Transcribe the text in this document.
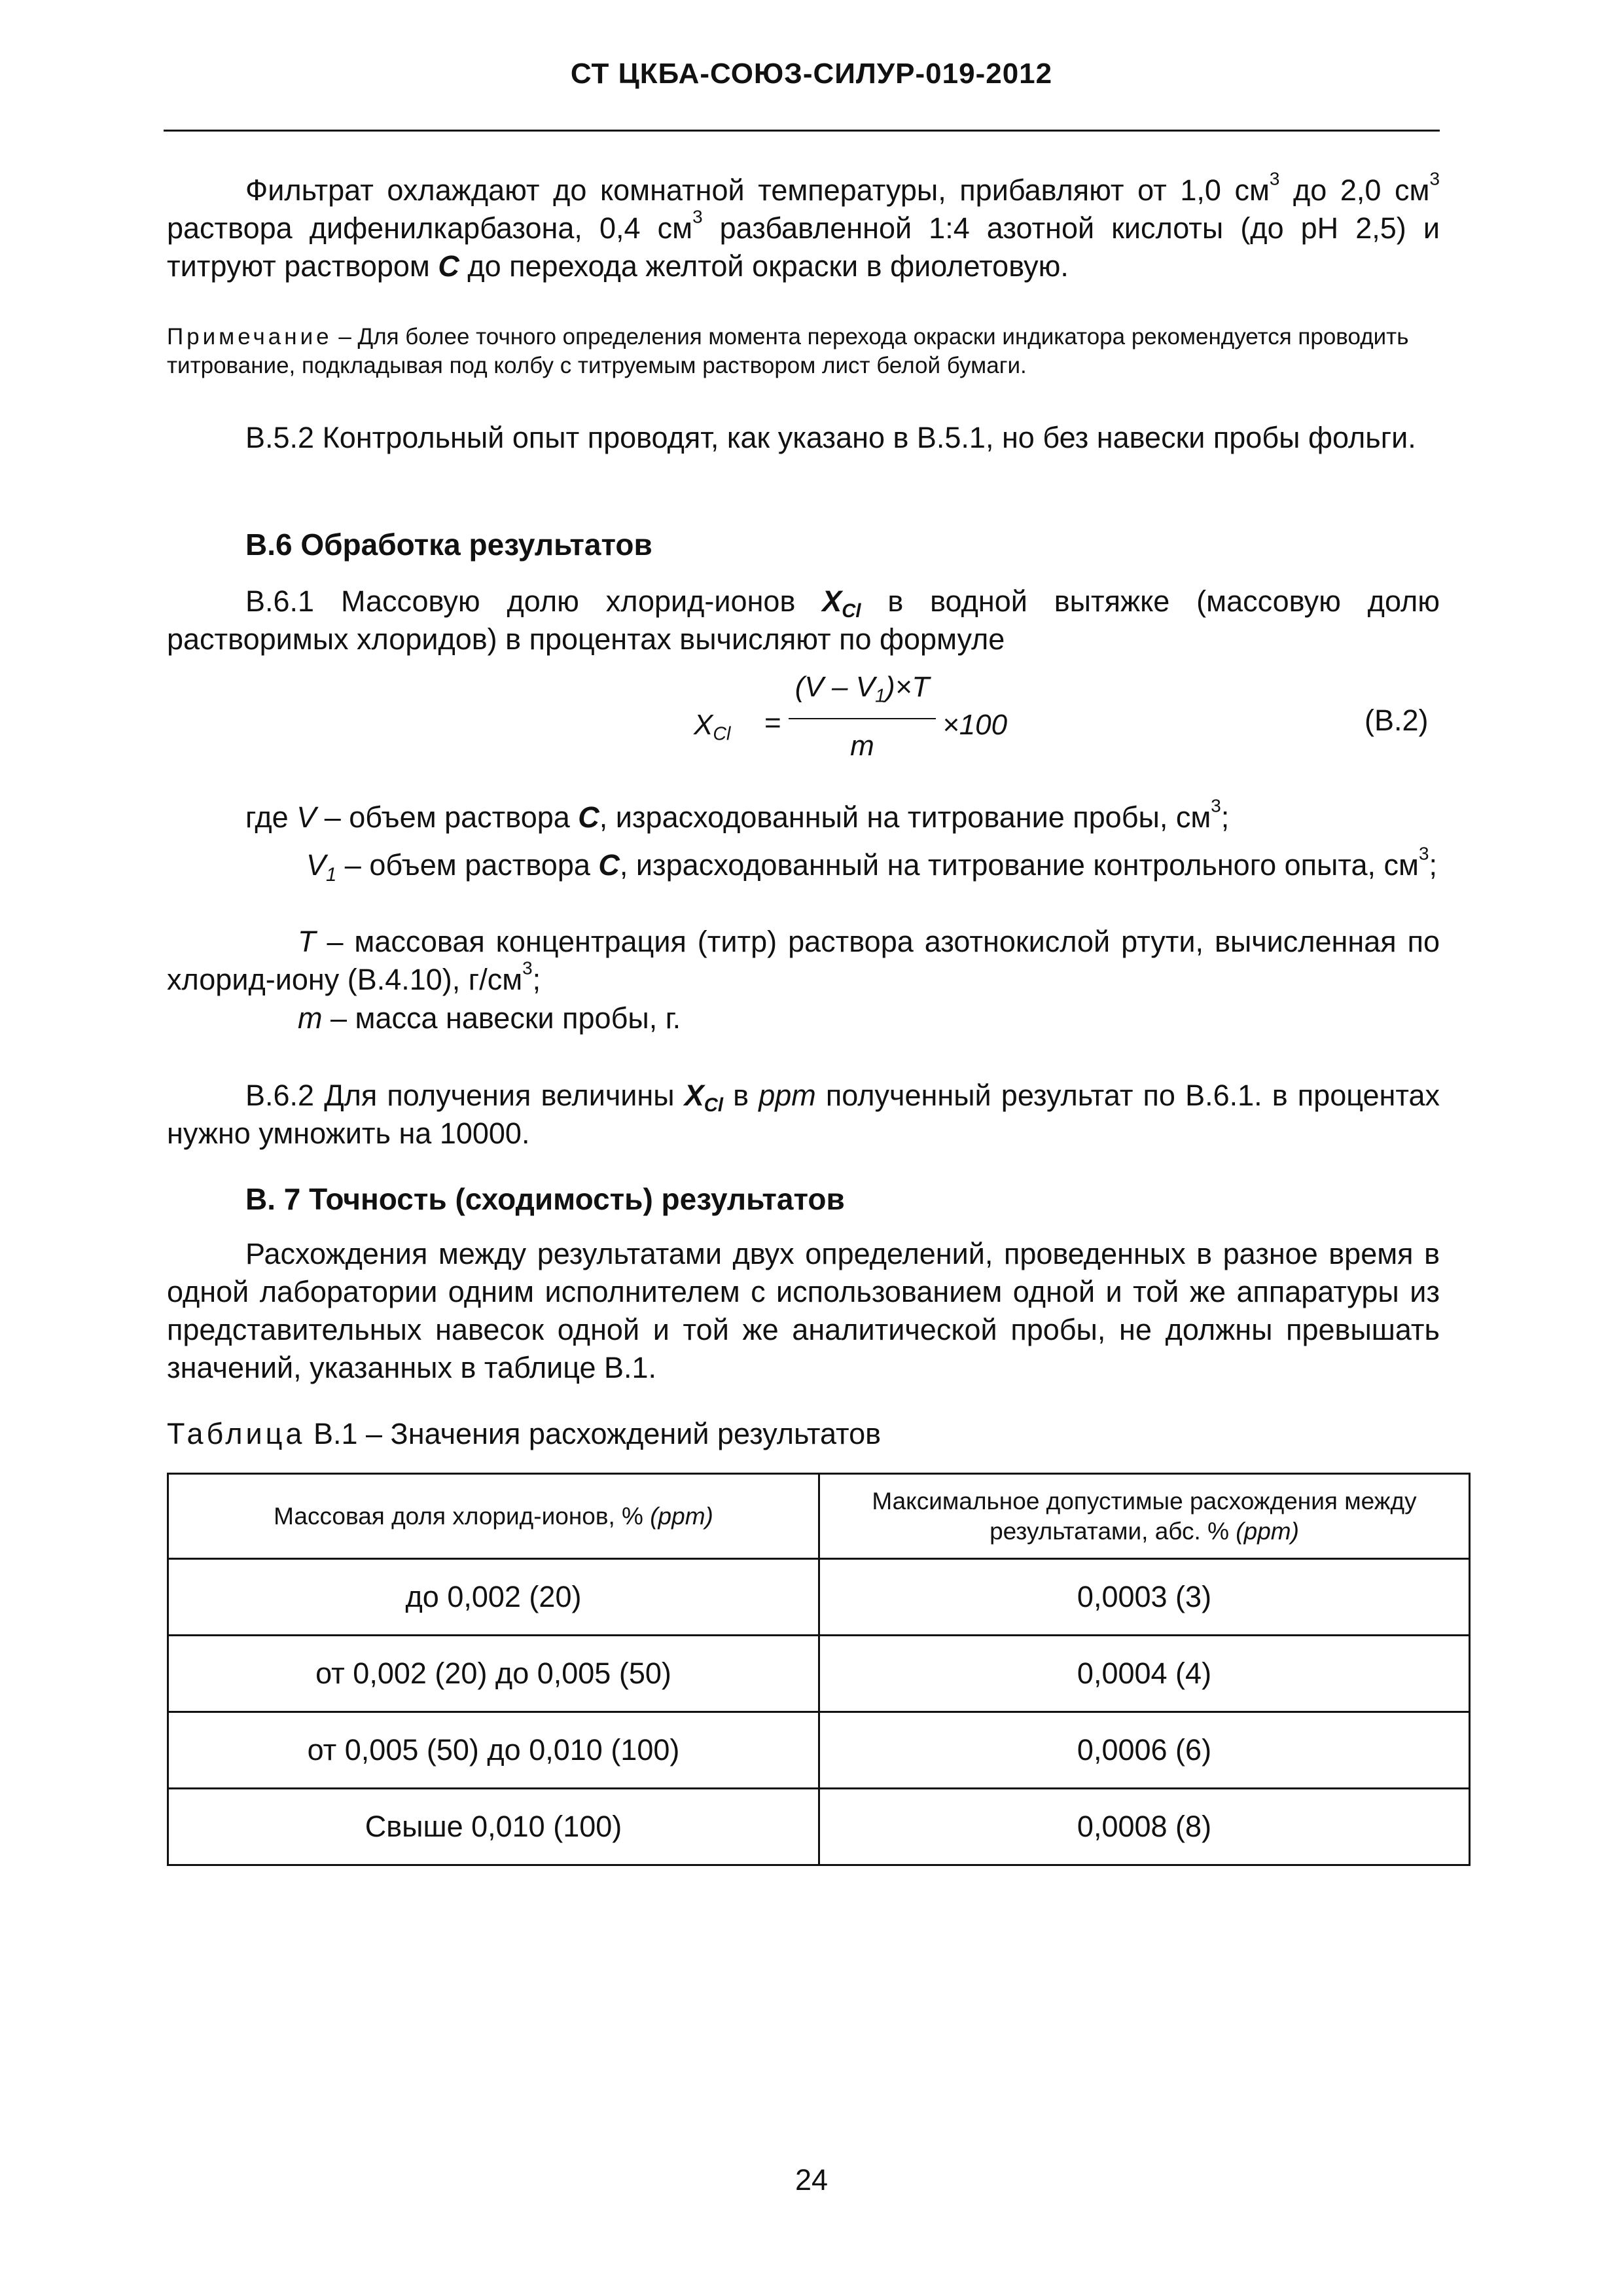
СТ ЦКБА-СОЮЗ-СИЛУР-019-2012
Фильтрат охлаждают до комнатной температуры, прибавляют от 1,0 $см^3$ до 2,0 $см^3$ раствора дифенилкарбазона, 0,4 $см^3$ разбавленной 1:4 азотной кислоты (до рН 2,5) и титруют раствором С до перехода желтой окраски в фиолетовую.
Примечание – Для более точного определения момента перехода окраски индикатора рекомендуется проводить титрование, подкладывая под колбу с титруемым раствором лист белой бумаги.
В.5.2 Контрольный опыт проводят, как указано в В.5.1, но без навески пробы фольги.
В.6 Обработка результатов
В.6.1 Массовую долю хлорид-ионов $X_{Cl}$ в водной вытяжке (массовую долю растворимых хлоридов) в процентах вычисляют по формуле
$X_{Cl}$ =
$(V - V_1)\times T$
m
×100	(В.2)
где V – объем раствора С, израсходованный на титрование пробы, $см^3$;
$V_1$ – объем раствора С, израсходованный на титрование контрольного опыта, $см^3$;
T – массовая концентрация (титр) раствора азотнокислой ртути, вычисленная по хлорид-иону (В.4.10), $г/см^3$;
m – масса навески пробы, г.
В.6.2 Для получения величины $X_{Cl}$ в ppm полученный результат по В.6.1. в процентах нужно умножить на 10000.
В. 7 Точность (сходимость) результатов
Расхождения между результатами двух определений, проведенных в разное время в одной лаборатории одним исполнителем с использованием одной и той же аппаратуры из представительных навесок одной и той же аналитической пробы, не должны превышать значений, указанных в таблице В.1.
Таблица В.1 – Значения расхождений результатов
Массовая доля хлорид-ионов, % (ppm)	Максимальное допустимые расхождения между результатами, абс. % (ppm)
до 0,002 (20)	0,0003 (3)
от 0,002 (20) до 0,005 (50)	0,0004 (4)
от 0,005 (50) до 0,010 (100)	0,0006 (6)
Свыше 0,010 (100)	0,0008 (8)
24
